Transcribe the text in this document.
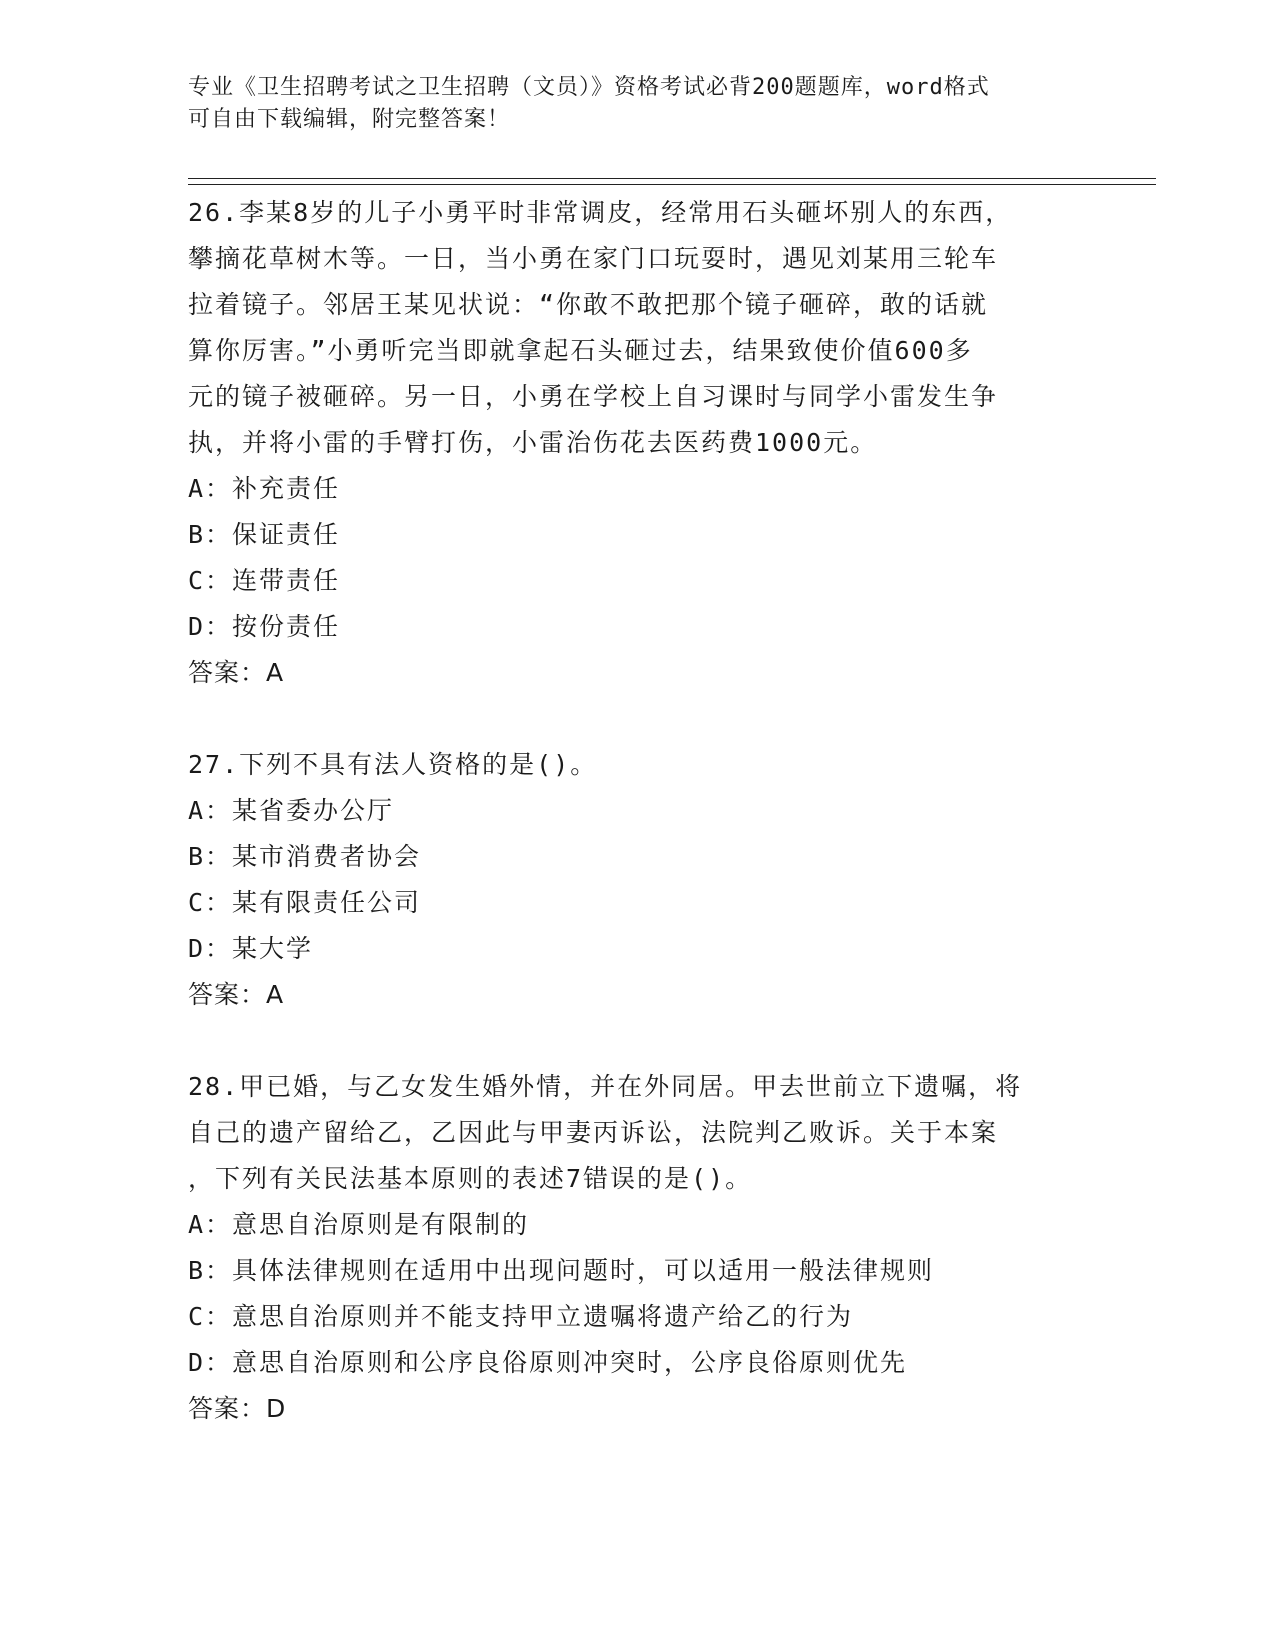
专业《卫生招聘考试之卫生招聘（文员）》资格考试必背200题题库，word格式
可自由下载编辑，附完整答案！

26.李某8岁的儿子小勇平时非常调皮，经常用石头砸坏别人的东西，

攀摘花草树木等。一日，当小勇在家门口玩耍时，遇见刘某用三轮车

拉着镜子。邻居王某见状说：“你敢不敢把那个镜子砸碎，敢的话就

算你厉害。”小勇听完当即就拿起石头砸过去，结果致使价值600多

元的镜子被砸碎。另一日，小勇在学校上自习课时与同学小雷发生争

执，并将小雷的手臂打伤，小雷治伤花去医药费1000元。

A：补充责任

B：保证责任

C：连带责任

D：按份责任

答案：A

27.下列不具有法人资格的是()。

A：某省委办公厅

B：某市消费者协会

C：某有限责任公司

D：某大学

答案：A

28.甲已婚，与乙女发生婚外情，并在外同居。甲去世前立下遗嘱，将

自己的遗产留给乙，乙因此与甲妻丙诉讼，法院判乙败诉。关于本案

，下列有关民法基本原则的表述7错误的是()。

A：意思自治原则是有限制的

B：具体法律规则在适用中出现问题时，可以适用一般法律规则

C：意思自治原则并不能支持甲立遗嘱将遗产给乙的行为

D：意思自治原则和公序良俗原则冲突时，公序良俗原则优先

答案：D
